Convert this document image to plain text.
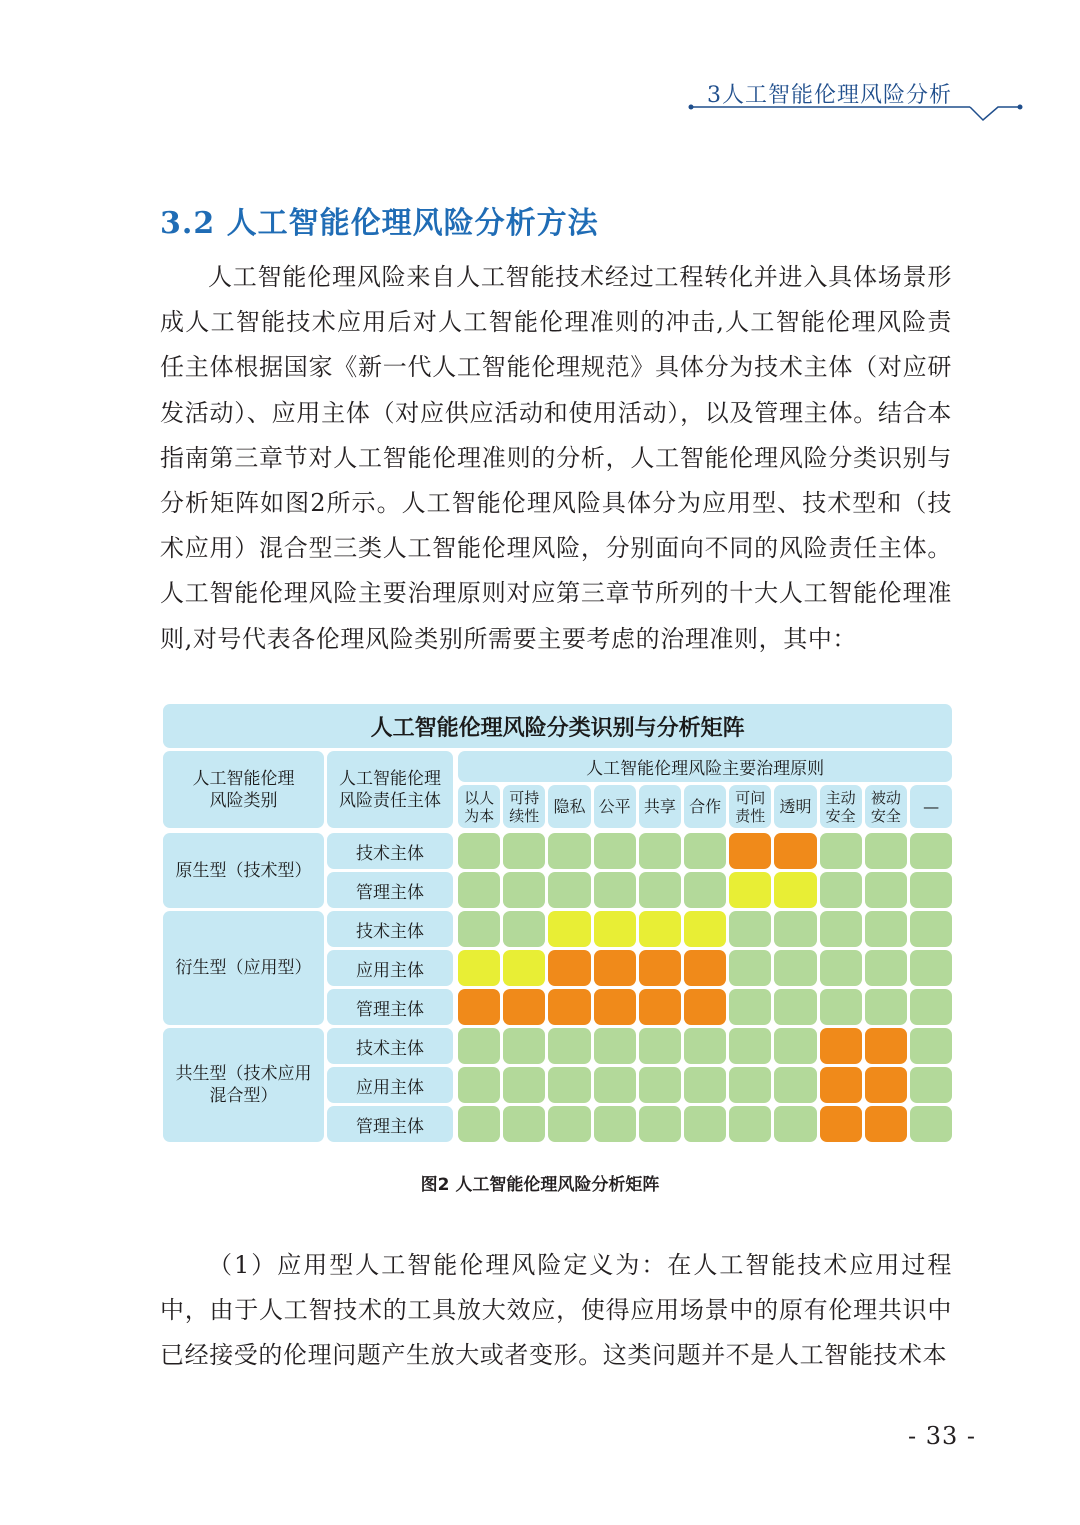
3人工智能伦理风险分析
3.2 人工智能伦理风险分析方法

人工智能伦理风险来自人工智能技术经过工程转化并进入具体场景形成人工智能技术应用后对人工智能伦理准则的冲击,人工智能伦理风险责任主体根据国家《新一代人工智能伦理规范》具体分为技术主体（对应研发活动）、应用主体（对应供应活动和使用活动），以及管理主体。结合本指南第三章节对人工智能伦理准则的分析，人工智能伦理风险分类识别与分析矩阵如图2所示。人工智能伦理风险具体分为应用型、技术型和（技术应用）混合型三类人工智能伦理风险，分别面向不同的风险责任主体。人工智能伦理风险主要治理原则对应第三章节所列的十大人工智能伦理准则,对号代表各伦理风险类别所需要主要考虑的治理准则，其中：

人工智能伦理风险分类识别与分析矩阵
人工智能伦理
风险类别
人工智能伦理
风险责任主体
人工智能伦理风险主要治理原则
以人
为本
可持
续性 隐私 公平 共享 合作 可问
责性 透明 主动
安全
被动
安全 —
原生型（技术型）
技术主体
管理主体
衍生型（应用型）
技术主体
应用主体
管理主体
共生型（技术应用
混合型）
技术主体
应用主体
管理主体
图2 人工智能伦理风险分析矩阵

（1）应用型人工智能伦理风险定义为：在人工智能技术应用过程中，由于人工智技术的工具放大效应，使得应用场景中的原有伦理共识中已经接受的伦理问题产生放大或者变形。这类问题并不是人工智能技术本

- 33 -
